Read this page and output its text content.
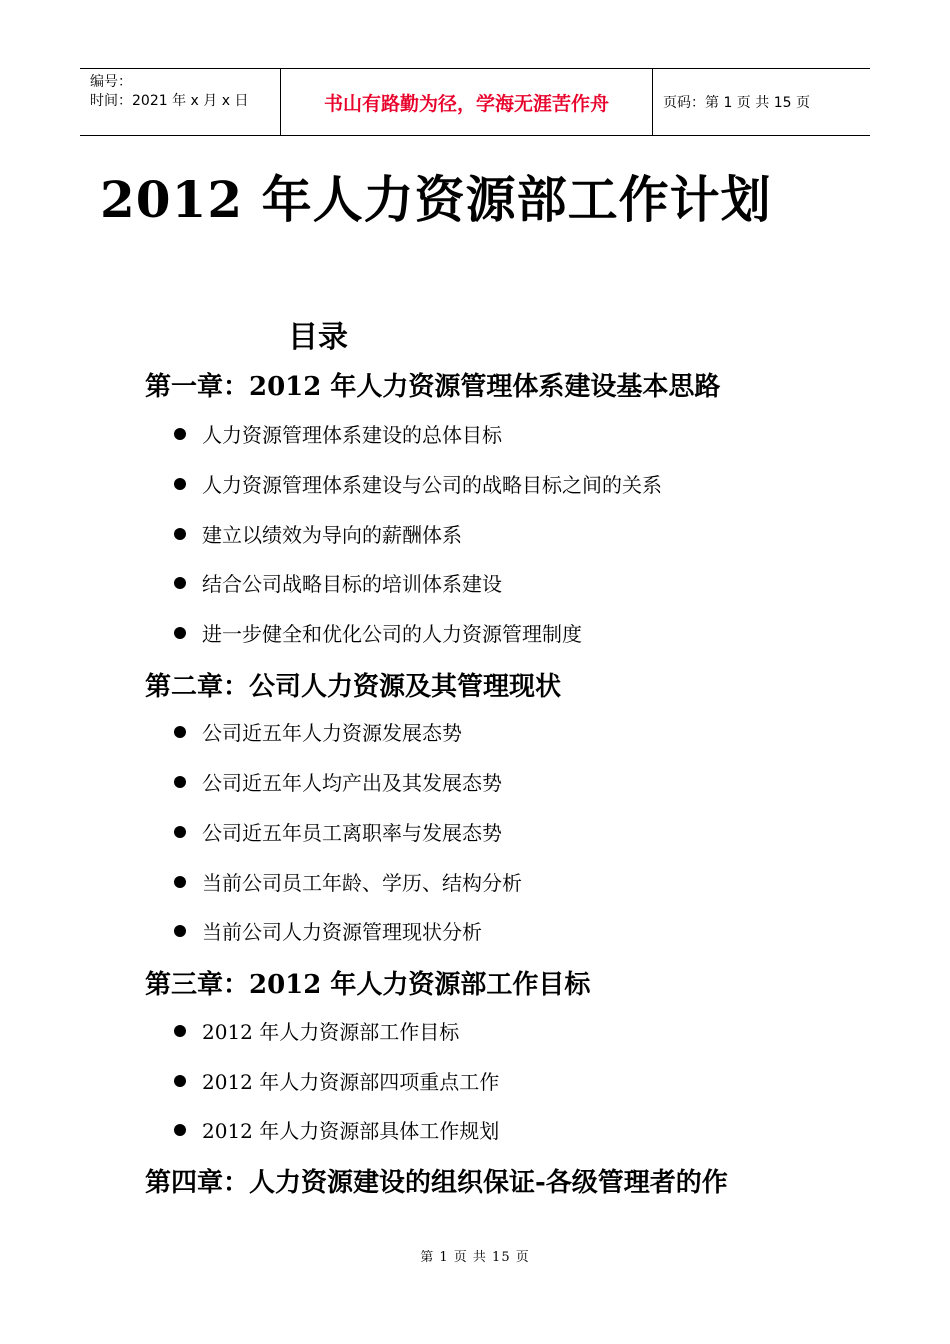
编号：
时间：2021 年 x 月 x 日	书山有路勤为径，学海无涯苦作舟	页码：第 1 页 共 15 页
2012 年人力资源部工作计划
目录
第一章：2012 年人力资源管理体系建设基本思路
人力资源管理体系建设的总体目标
人力资源管理体系建设与公司的战略目标之间的关系
建立以绩效为导向的薪酬体系
结合公司战略目标的培训体系建设
进一步健全和优化公司的人力资源管理制度
第二章：公司人力资源及其管理现状
公司近五年人力资源发展态势
公司近五年人均产出及其发展态势
公司近五年员工离职率与发展态势
当前公司员工年龄、学历、结构分析
当前公司人力资源管理现状分析
第三章：2012 年人力资源部工作目标
2012 年人力资源部工作目标
2012 年人力资源部四项重点工作
2012 年人力资源部具体工作规划
第四章：人力资源建设的组织保证-各级管理者的作
第 1 页 共 15 页
